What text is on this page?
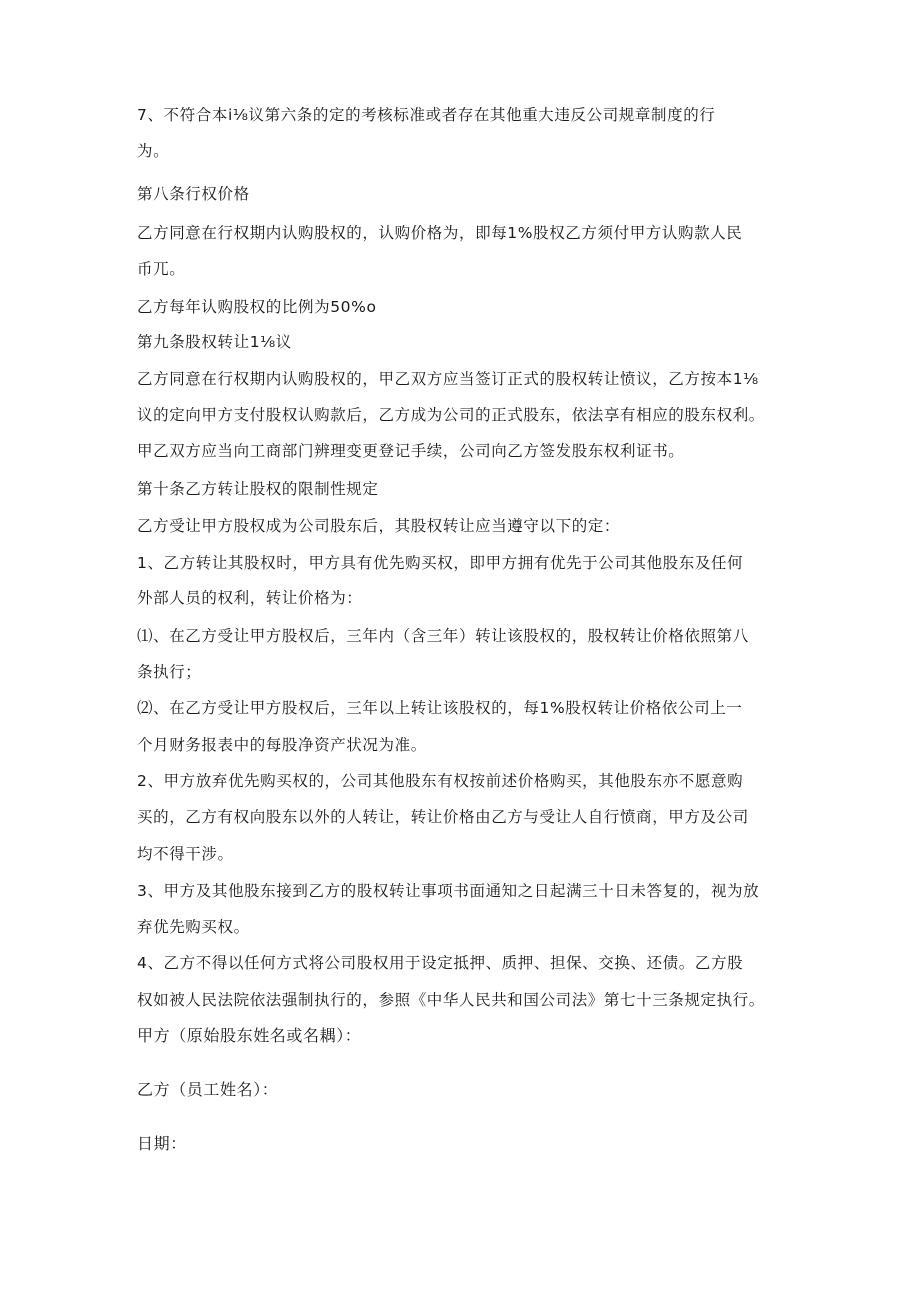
7、不符合本i⅛议第六条的定的考核标准或者存在其他重大违反公司规章制度的行
为。
第八条行权价格
乙方同意在行权期内认购股权的，认购价格为，即每1%股权乙方须付甲方认购款人民
币兀。
乙方每年认购股权的比例为50%o
第九条股权转让1⅛议
乙方同意在行权期内认购股权的，甲乙双方应当签订正式的股权转让愤议，乙方按本1⅛
议的定向甲方支付股权认购款后，乙方成为公司的正式股东，依法享有相应的股东权利。
甲乙双方应当向工商部门辨理变更登记手续，公司向乙方签发股东权利证书。
第十条乙方转让股权的限制性规定
乙方受让甲方股权成为公司股东后，其股权转让应当遵守以下的定：
1、乙方转让其股权时，甲方具有优先购买权，即甲方拥有优先于公司其他股东及任何
外部人员的权利，转让价格为：
⑴、在乙方受让甲方股权后，三年内（含三年）转让该股权的，股权转让价格依照第八
条执行；
⑵、在乙方受让甲方股权后，三年以上转让该股权的，每1%股权转让价格依公司上一
个月财务报表中的每股净资产状况为准。
2、甲方放弃优先购买权的，公司其他股东有权按前述价格购买，其他股东亦不愿意购
买的，乙方有权向股东以外的人转让，转让价格由乙方与受让人自行愤商，甲方及公司
均不得干涉。
3、甲方及其他股东接到乙方的股权转让事项书面通知之日起满三十日未答复的，视为放
弃优先购买权。
4、乙方不得以任何方式将公司股权用于设定抵押、质押、担保、交换、还债。乙方股
权如被人民法院依法强制执行的，参照《中华人民共和国公司法》第七十三条规定执行。
甲方（原始股东姓名或名耦）：
乙方（员工姓名）：
日期：
